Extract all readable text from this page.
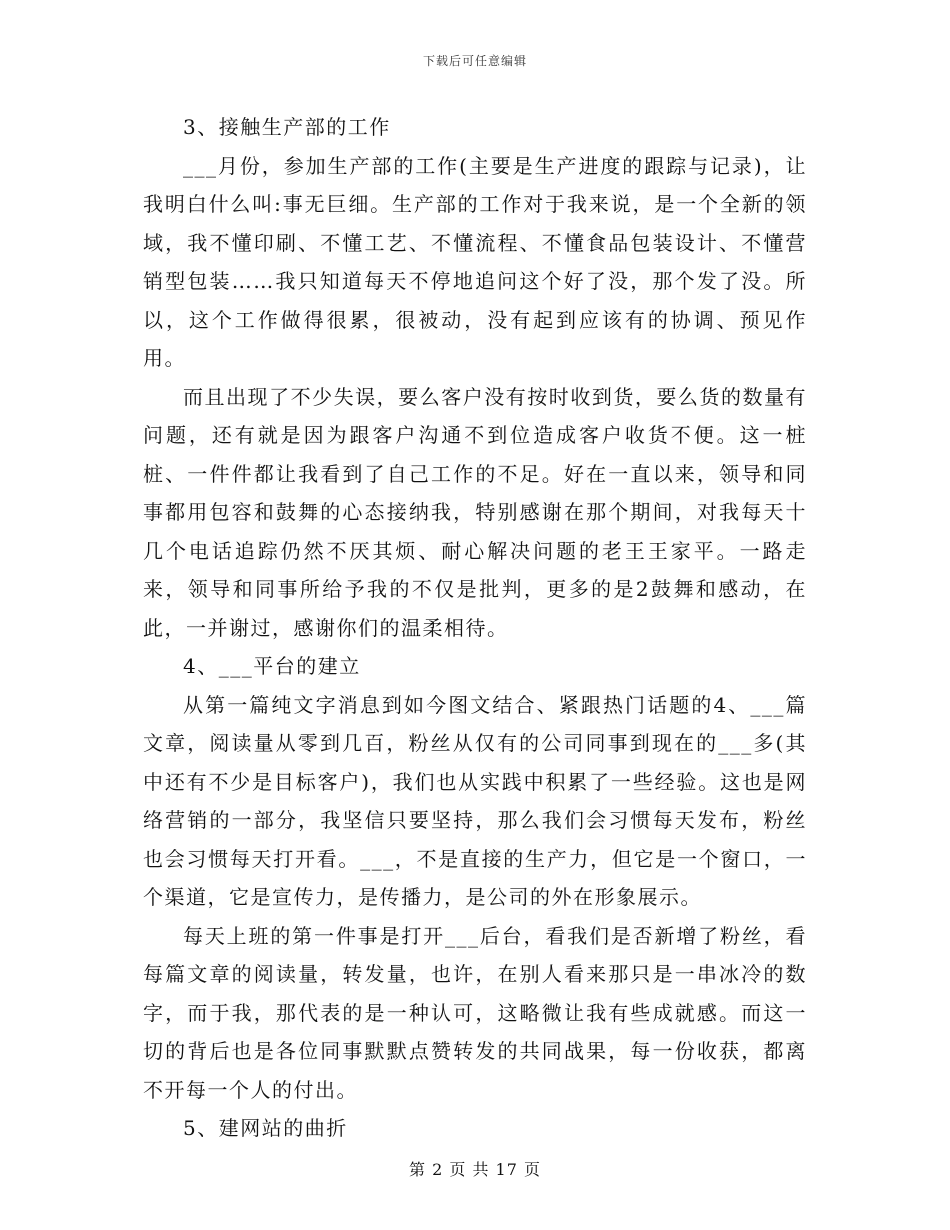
下载后可任意编辑

3、接触生产部的工作

___月份，参加生产部的工作(主要是生产进度的跟踪与记录)，让我明白什么叫:事无巨细。生产部的工作对于我来说，是一个全新的领域，我不懂印刷、不懂工艺、不懂流程、不懂食品包装设计、不懂营销型包装……我只知道每天不停地追问这个好了没，那个发了没。所以，这个工作做得很累，很被动，没有起到应该有的协调、预见作用。

而且出现了不少失误，要么客户没有按时收到货，要么货的数量有问题，还有就是因为跟客户沟通不到位造成客户收货不便。这一桩桩、一件件都让我看到了自己工作的不足。好在一直以来，领导和同事都用包容和鼓舞的心态接纳我，特别感谢在那个期间，对我每天十几个电话追踪仍然不厌其烦、耐心解决问题的老王王家平。一路走来，领导和同事所给予我的不仅是批判，更多的是2鼓舞和感动，在此，一并谢过，感谢你们的温柔相待。

4、___平台的建立

从第一篇纯文字消息到如今图文结合、紧跟热门话题的4、___篇文章，阅读量从零到几百，粉丝从仅有的公司同事到现在的___多(其中还有不少是目标客户)，我们也从实践中积累了一些经验。这也是网络营销的一部分，我坚信只要坚持，那么我们会习惯每天发布，粉丝也会习惯每天打开看。___，不是直接的生产力，但它是一个窗口，一个渠道，它是宣传力，是传播力，是公司的外在形象展示。

每天上班的第一件事是打开___后台，看我们是否新增了粉丝，看每篇文章的阅读量，转发量，也许，在别人看来那只是一串冰冷的数字，而于我，那代表的是一种认可，这略微让我有些成就感。而这一切的背后也是各位同事默默点赞转发的共同战果，每一份收获，都离不开每一个人的付出。

5、建网站的曲折

第 2 页 共 17 页
